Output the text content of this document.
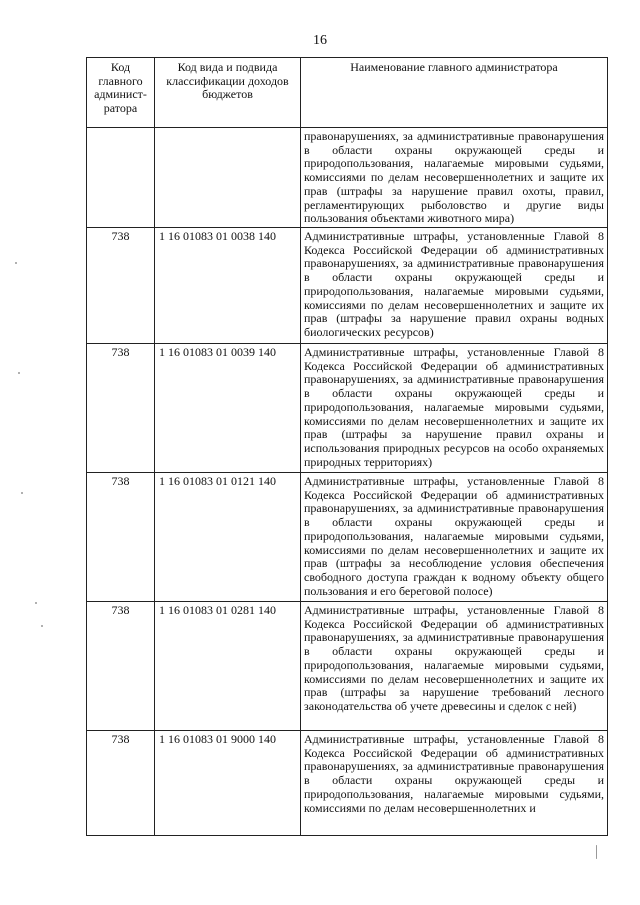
16
Код главного админист-ратора	Код вида и подвида классификации доходов бюджетов	Наименование главного администратора
		правонарушениях, за административные правонарушения в области охраны окружающей среды и природопользования, налагаемые мировыми судьями, комиссиями по делам несовершеннолетних и защите их прав (штрафы за нарушение правил охоты, правил, регламентирующих рыболовство и другие виды пользования объектами животного мира)
738	1 16 01083 01 0038 140	Административные штрафы, установленные Главой 8 Кодекса Российской Федерации об административных правонарушениях, за административные правонарушения в области охраны окружающей среды и природопользования, налагаемые мировыми судьями, комиссиями по делам несовершеннолетних и защите их прав (штрафы за нарушение правил охраны водных биологических ресурсов)
738	1 16 01083 01 0039 140	Административные штрафы, установленные Главой 8 Кодекса Российской Федерации об административных правонарушениях, за административные правонарушения в области охраны окружающей среды и природопользования, налагаемые мировыми судьями, комиссиями по делам несовершеннолетних и защите их прав (штрафы за нарушение правил охраны и использования природных ресурсов на особо охраняемых природных территориях)
738	1 16 01083 01 0121 140	Административные штрафы, установленные Главой 8 Кодекса Российской Федерации об административных правонарушениях, за административные правонарушения в области охраны окружающей среды и природопользования, налагаемые мировыми судьями, комиссиями по делам несовершеннолетних и защите их прав (штрафы за несоблюдение условия обеспечения свободного доступа граждан к водному объекту общего пользования и его береговой полосе)
738	1 16 01083 01 0281 140	Административные штрафы, установленные Главой 8 Кодекса Российской Федерации об административных правонарушениях, за административные правонарушения в области охраны окружающей среды и природопользования, налагаемые мировыми судьями, комиссиями по делам несовершеннолетних и защите их прав (штрафы за нарушение требований лесного законодательства об учете древесины и сделок с ней)
738	1 16 01083 01 9000 140	Административные штрафы, установленные Главой 8 Кодекса Российской Федерации об административных правонарушениях, за административные правонарушения в области охраны окружающей среды и природопользования, налагаемые мировыми судьями, комиссиями по делам несовершеннолетних и
